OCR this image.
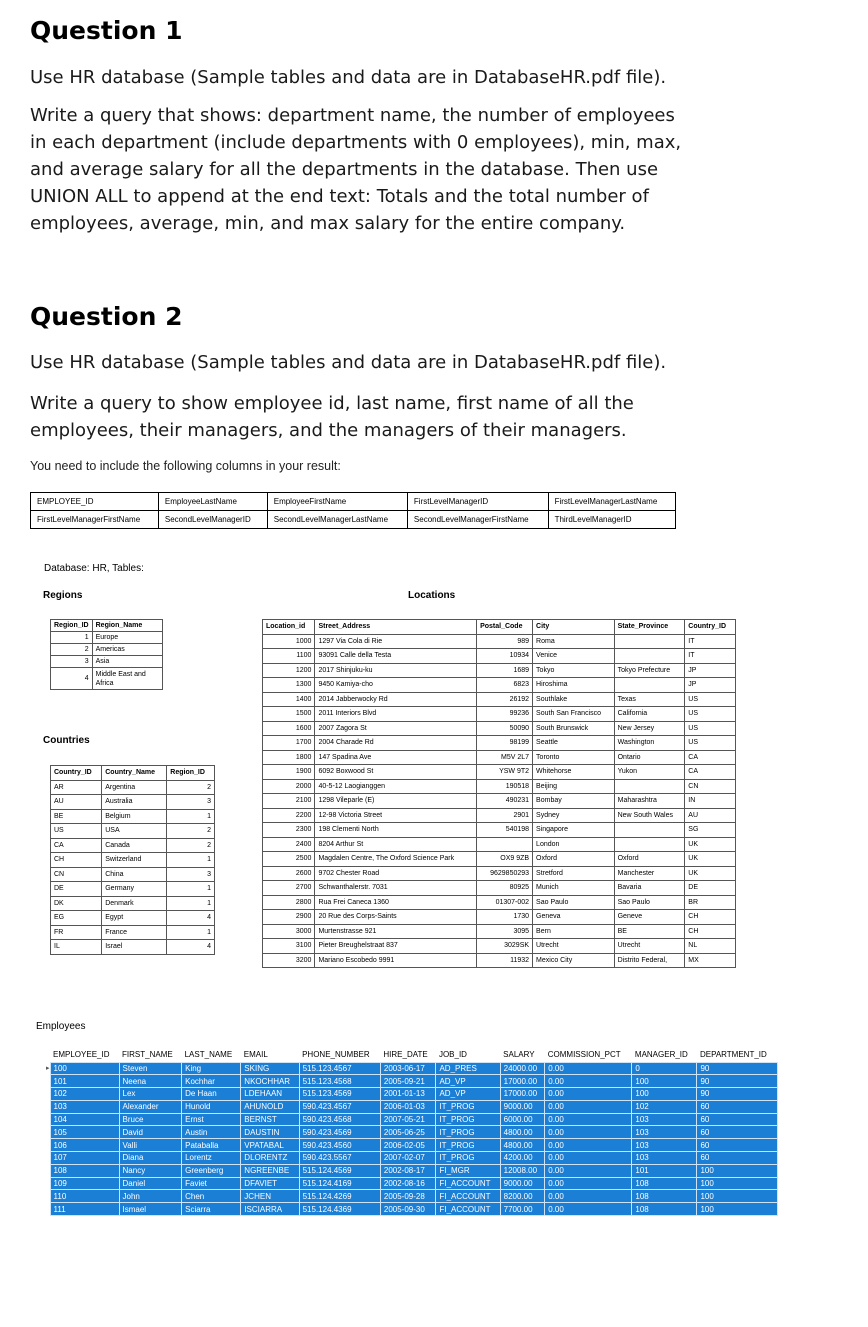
Question 1
Use HR database (Sample tables and data are in DatabaseHR.pdf file).
Write a query that shows: department name, the number of employees
in each department (include departments with 0 employees), min, max,
and average salary for all the departments in the database. Then use
UNION ALL to append at the end text: Totals and the total number of
employees, average, min, and max salary for the entire company.
Question 2
Use HR database (Sample tables and data are in DatabaseHR.pdf file).
Write a query to show employee id, last name, first name of all the
employees, their managers, and the managers of their managers.
You need to include the following columns in your result:
EMPLOYEE_ID	EmployeeLastName	EmployeeFirstName	FirstLevelManagerID	FirstLevelManagerLastName
FirstLevelManagerFirstName	SecondLevelManagerID	SecondLevelManagerLastName	SecondLevelManagerFirstName	ThirdLevelManagerID
Database: HR, Tables:
Regions	Locations
Countries
Region_ID	Region_Name
1	Europe
2	Americas
3	Asia
4	Middle East and Africa
Country_ID	Country_Name	Region_ID
AR	Argentina	2
AU	Australia	3
BE	Belgium	1
US	USA	2
CA	Canada	2
CH	Switzerland	1
CN	China	3
DE	Germany	1
DK	Denmark	1
EG	Egypt	4
FR	France	1
IL	Israel	4
Location_id	Street_Address	Postal_Code	City	State_Province	Country_ID
1000	1297 Via Cola di Rie	989	Roma		IT
1100	93091 Calle della Testa	10934	Venice		IT
1200	2017 Shinjuku-ku	1689	Tokyo	Tokyo Prefecture	JP
1300	9450 Kamiya-cho	6823	Hiroshima		JP
1400	2014 Jabberwocky Rd	26192	Southlake	Texas	US
1500	2011 Interiors Blvd	99236	South San Francisco	California	US
1600	2007 Zagora St	50090	South Brunswick	New Jersey	US
1700	2004 Charade Rd	98199	Seattle	Washington	US
1800	147 Spadina Ave	M5V 2L7	Toronto	Ontario	CA
1900	6092 Boxwood St	YSW 9T2	Whitehorse	Yukon	CA
2000	40-5-12 Laogianggen	190518	Beijing		CN
2100	1298 Vileparle (E)	490231	Bombay	Maharashtra	IN
2200	12-98 Victoria Street	2901	Sydney	New South Wales	AU
2300	198 Clementi North	540198	Singapore		SG
2400	8204 Arthur St		London		UK
2500	Magdalen Centre, The Oxford Science Park	OX9 9ZB	Oxford	Oxford	UK
2600	9702 Chester Road	9629850293	Stretford	Manchester	UK
2700	Schwanthalerstr. 7031	80925	Munich	Bavaria	DE
2800	Rua Frei Caneca 1360	01307-002	Sao Paulo	Sao Paulo	BR
2900	20 Rue des Corps-Saints	1730	Geneva	Geneve	CH
3000	Murtenstrasse 921	3095	Bern	BE	CH
3100	Pieter Breughelstraat 837	3029SK	Utrecht	Utrecht	NL
3200	Mariano Escobedo 9991	11932	Mexico City	Distrito Federal,	MX
Employees
	EMPLOYEE_ID	FIRST_NAME	LAST_NAME	EMAIL	PHONE_NUMBER	HIRE_DATE	JOB_ID	SALARY	COMMISSION_PCT	MANAGER_ID	DEPARTMENT_ID
▸	100	Steven	King	SKING	515.123.4567	2003-06-17	AD_PRES	24000.00	0.00	0	90
	101	Neena	Kochhar	NKOCHHAR	515.123.4568	2005-09-21	AD_VP	17000.00	0.00	100	90
	102	Lex	De Haan	LDEHAAN	515.123.4569	2001-01-13	AD_VP	17000.00	0.00	100	90
	103	Alexander	Hunold	AHUNOLD	590.423.4567	2006-01-03	IT_PROG	9000.00	0.00	102	60
	104	Bruce	Ernst	BERNST	590.423.4568	2007-05-21	IT_PROG	6000.00	0.00	103	60
	105	David	Austin	DAUSTIN	590.423.4569	2005-06-25	IT_PROG	4800.00	0.00	103	60
	106	Valli	Pataballa	VPATABAL	590.423.4560	2006-02-05	IT_PROG	4800.00	0.00	103	60
	107	Diana	Lorentz	DLORENTZ	590.423.5567	2007-02-07	IT_PROG	4200.00	0.00	103	60
	108	Nancy	Greenberg	NGREENBE	515.124.4569	2002-08-17	FI_MGR	12008.00	0.00	101	100
	109	Daniel	Faviet	DFAVIET	515.124.4169	2002-08-16	FI_ACCOUNT	9000.00	0.00	108	100
	110	John	Chen	JCHEN	515.124.4269	2005-09-28	FI_ACCOUNT	8200.00	0.00	108	100
	111	Ismael	Sciarra	ISCIARRA	515.124.4369	2005-09-30	FI_ACCOUNT	7700.00	0.00	108	100
